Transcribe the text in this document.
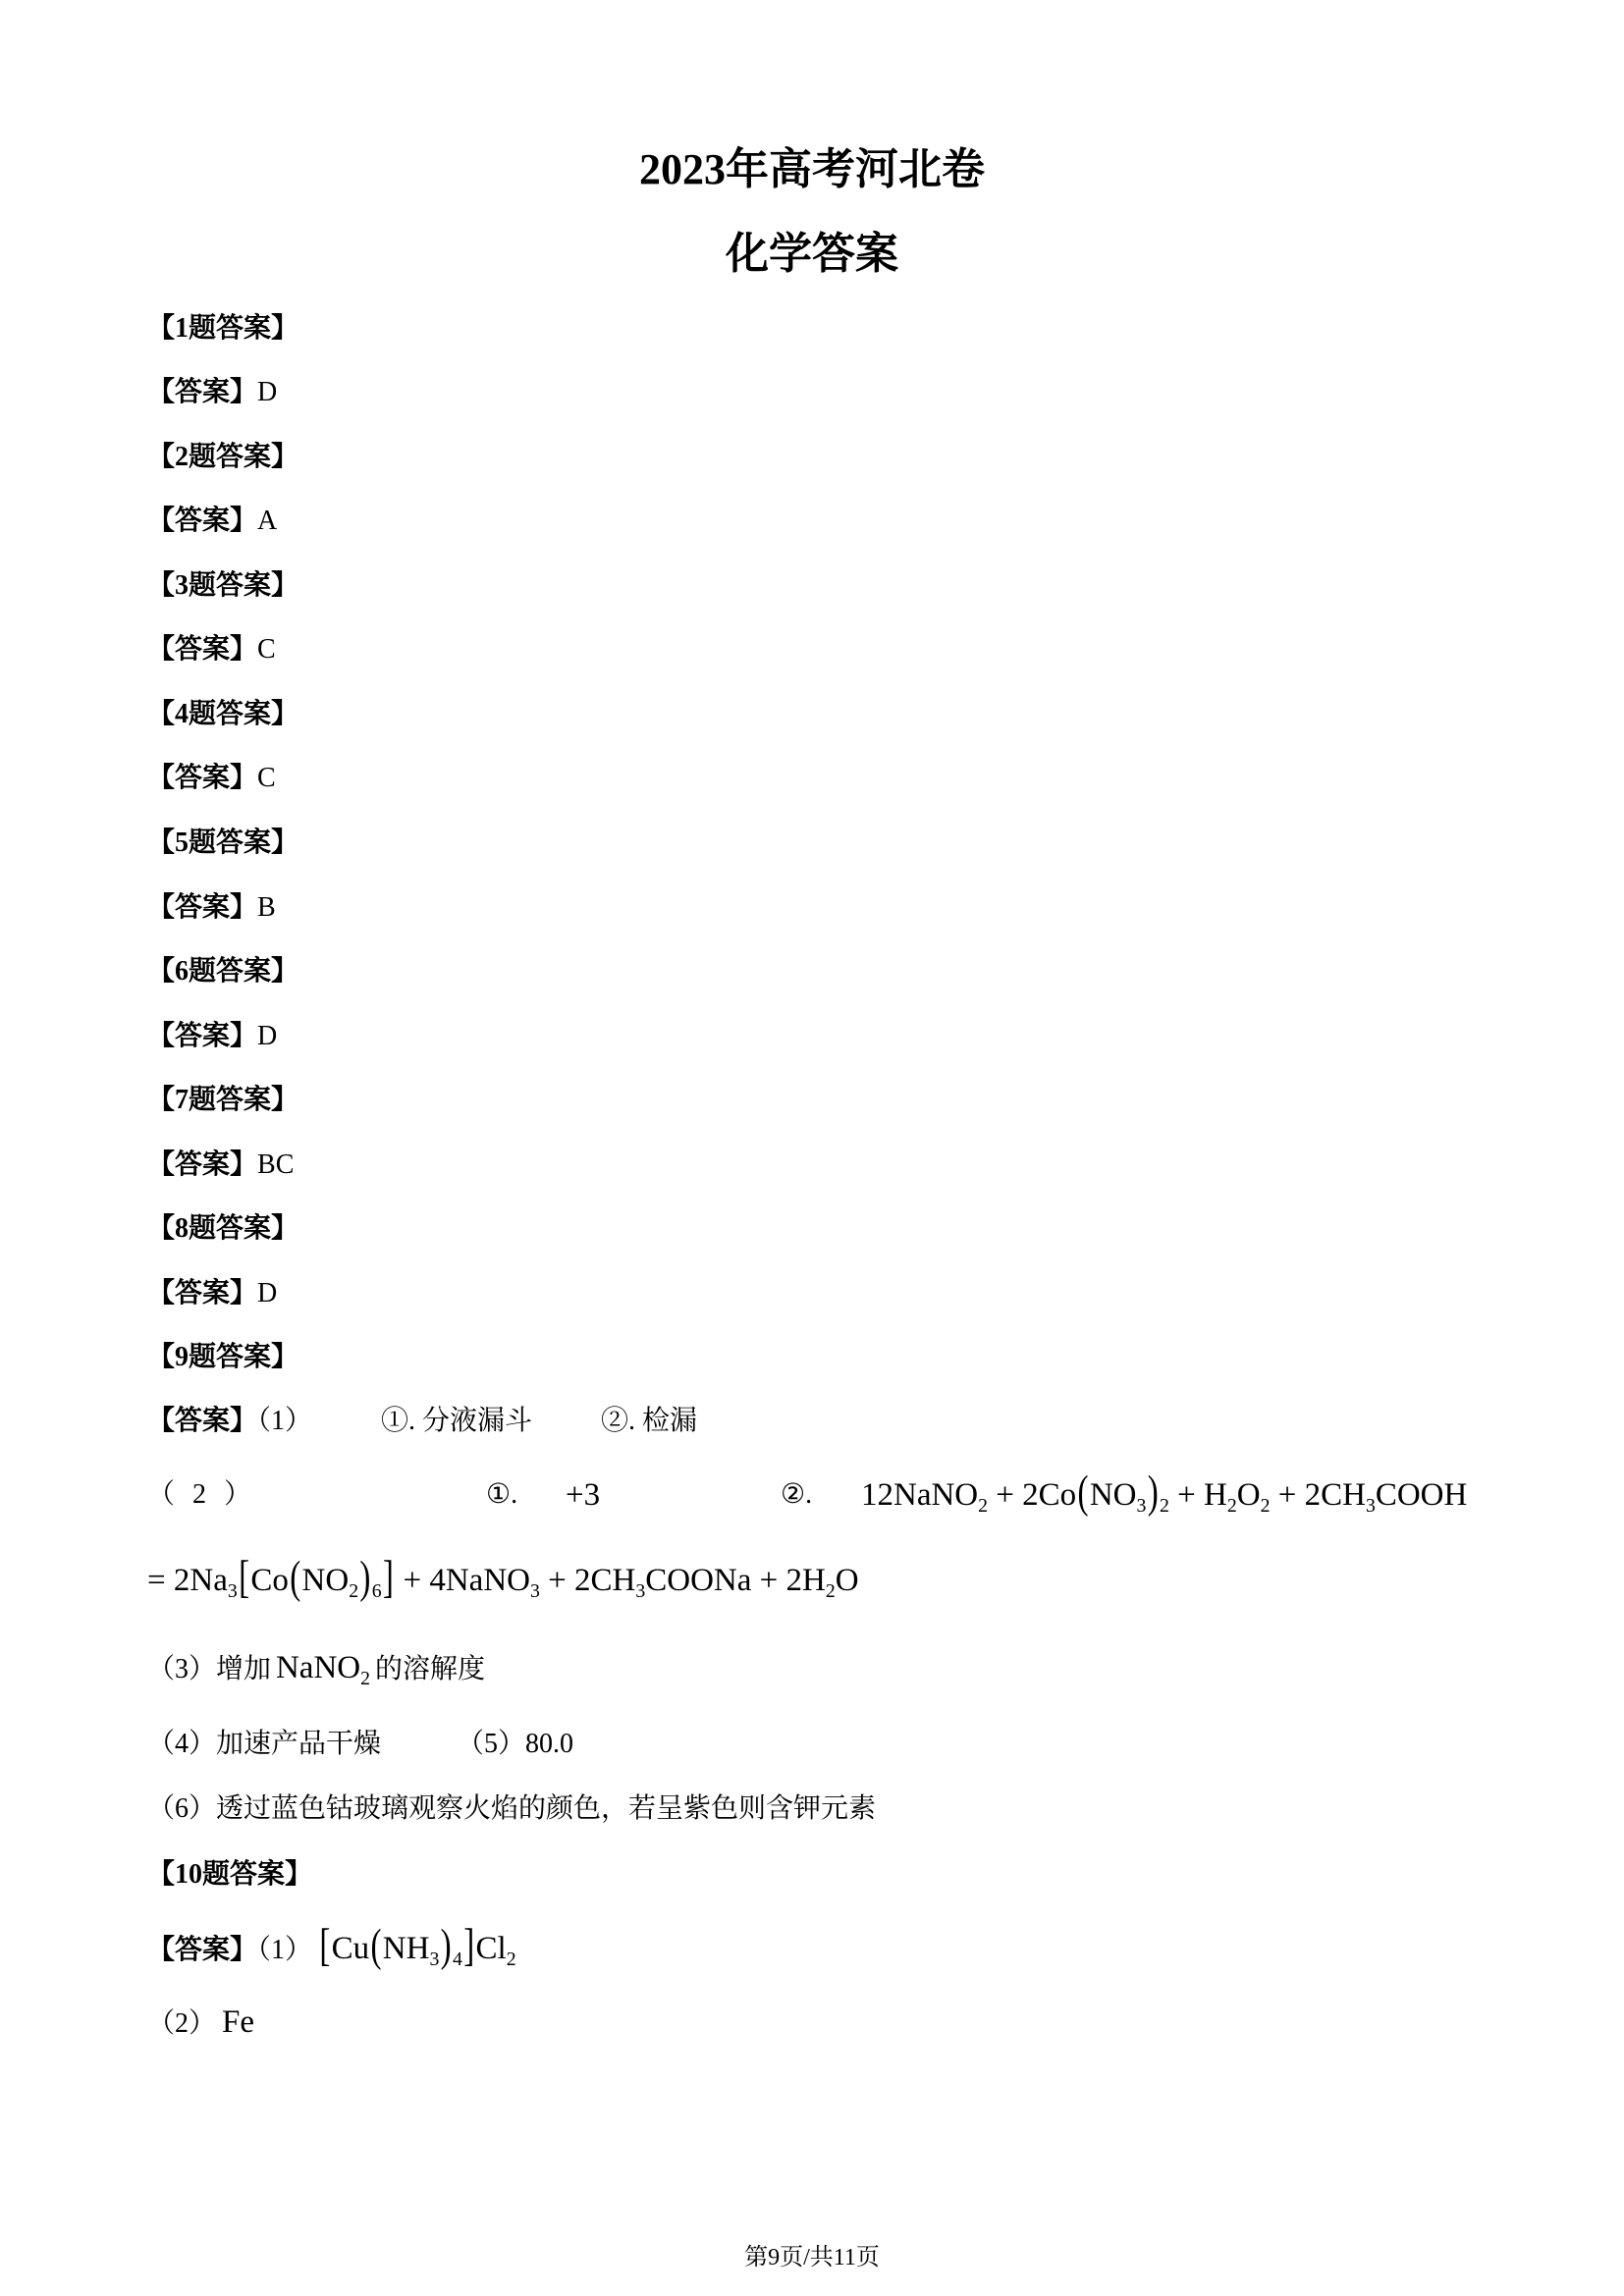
2023年高考河北卷
化学答案
【1题答案】
【答案】D
【2题答案】
【答案】A
【3题答案】
【答案】C
【4题答案】
【答案】C
【5题答案】
【答案】B
【6题答案】
【答案】D
【7题答案】
【答案】BC
【8题答案】
【答案】D
【9题答案】
【答案】（1） ①. 分液漏斗 ②. 检漏
（2）	①. +3	②. 12NaNO$_2$ + $2Co(NO_3)_2 + H_2O_2$ + $2CH_3COOH$
= $2Na_3[Co(NO_2)_6]$ + 4NaNO$_3$ + $2CH_3COONa + 2H_2O$
（3）增加 NaNO$_2$ 的溶解度
（4）加速产品干燥	（5）80.0
（6）透过蓝色钴玻璃观察火焰的颜色，若呈紫色则含钾元素
【10题答案】
【答案】（1） $[Cu(NH_3)_4]Cl_2$
（2） Fe
第9页/共11页
